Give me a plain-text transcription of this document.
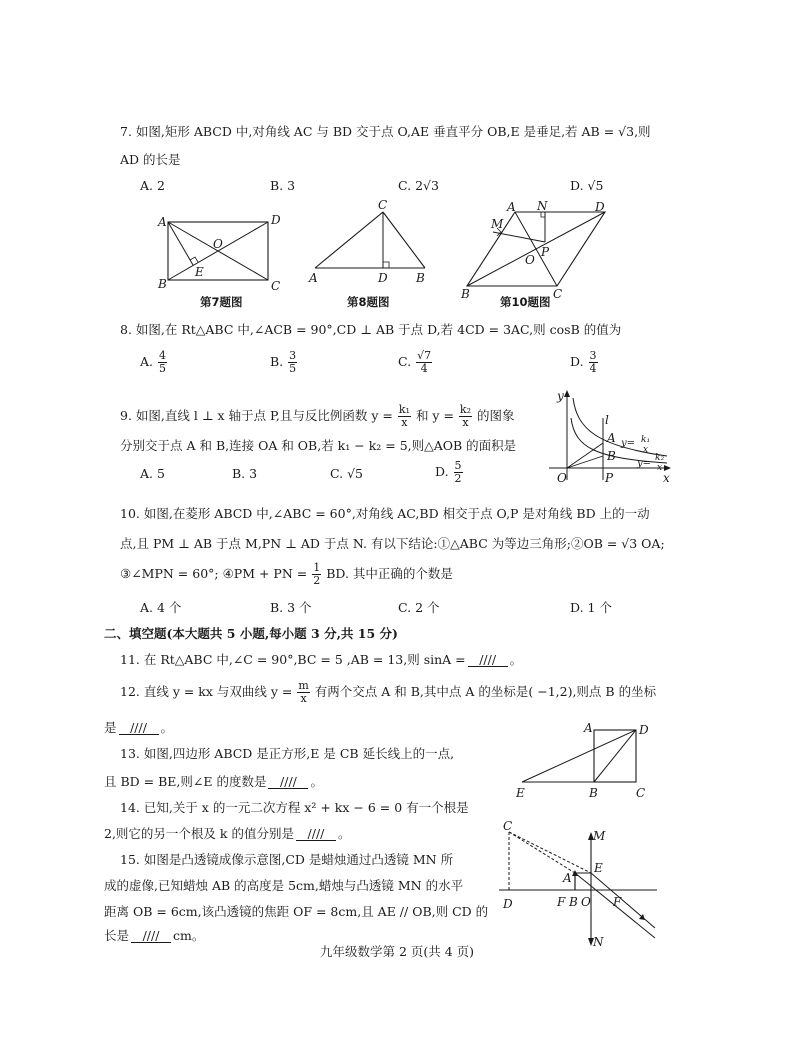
7. 如图,矩形 ABCD 中,对角线 AC 与 BD 交于点 O,AE 垂直平分 OB,E 是垂足,若 AB = √3,则
AD 的长是
A. 2	B. 3	C. 2√3	D. √5
A
B	C
D
O
E
第7题图
A	B
C
D
第8题图
A
B	C
D
M
N
O
P
第10题图
8. 如图,在 Rt△ABC 中,∠ACB = 90°,CD ⊥ AB 于点 D,若 4CD = 3AC,则 cosB 的值为
A. $\frac{4}{5}$	B. $\frac{3}{5}$	C. $\frac{√7}{4}$	D. $\frac{3}{4}$
9. 如图,直线 l ⊥ x 轴于点 P,且与反比例函数 $y = \frac{\text{k₁}}{x}$ 和 $y = \frac{\text{k₂}}{x}$ 的图象
分别交于点 A 和 B,连接 OA 和 OB,若 k₁ − k₂ = 5,则△AOB 的面积是
A. 5	B. 3	C. √5	D. $\frac{5}{2}$
y
x
O	P
l
A
B
y= k₁
x
y= k₂
x
10. 如图,在菱形 ABCD 中,∠ABC = 60°,对角线 AC,BD 相交于点 O,P 是对角线 BD 上的一动
点,且 PM ⊥ AB 于点 M,PN ⊥ AD 于点 N. 有以下结论:①△ABC 为等边三角形;②OB = √3 OA;
③∠MPN = 60°; ④PM + PN = $\frac{1}{2}$ BD. 其中正确的个数是
A. 4 个	B. 3 个	C. 2 个	D. 1 个
二、填空题(本大题共 5 小题,每小题 3 分,共 15 分)
11. 在 Rt△ABC 中,∠C = 90°,BC = 5 ,AB = 13,则 sinA = //// 。
12. 直线 y = kx 与双曲线 $y = \frac{m}{x}$ 有两个交点 A 和 B,其中点 A 的坐标是( −1,2),则点 B 的坐标
是 //// 。
13. 如图,四边形 ABCD 是正方形,E 是 CB 延长线上的一点,
且 BD = BE,则∠E 的度数是 //// 。
A
B	C
D
E
14. 已知,关于 x 的一元二次方程 x² + kx − 6 = 0 有一个根是
2,则它的另一个根及 k 的值分别是 //// 。
15. 如图是凸透镜成像示意图,CD 是蜡烛通过凸透镜 MN 所
成的虚像,已知蜡烛 AB 的高度是 5cm,蜡烛与凸透镜 MN 的水平
距离 OB = 6cm,该凸透镜的焦距 OF = 8cm,且 AE // OB,则 CD 的
长是 //// cm。
C
D
M
N
E
A
F B O F
九年级数学第 2 页(共 4 页)
